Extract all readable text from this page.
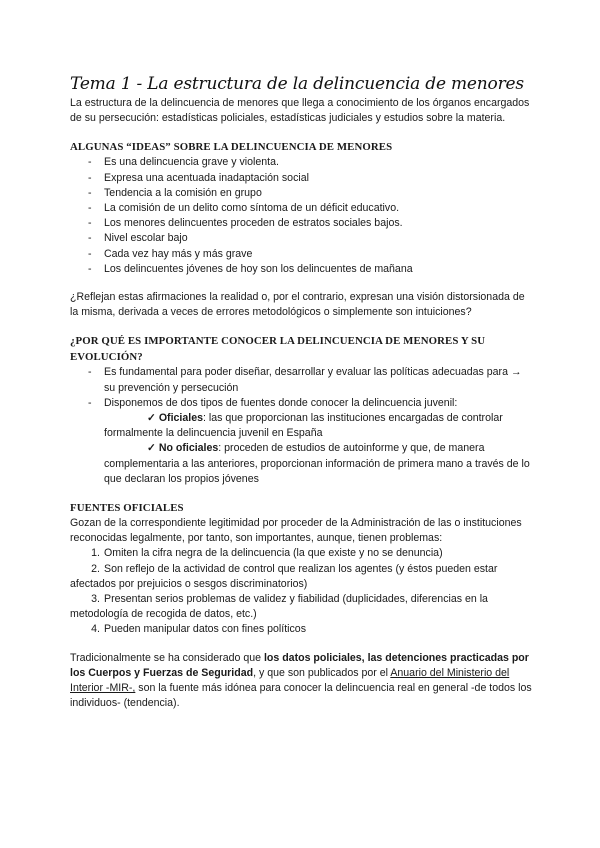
Tema 1 - La estructura de la delincuencia de menores

La estructura de la delincuencia de menores que llega a conocimiento de los órganos encargados de su persecución: estadísticas policiales, estadísticas judiciales y estudios sobre la materia.

ALGUNAS “IDEAS” SOBRE LA DELINCUENCIA DE MENORES
- Es una delincuencia grave y violenta.
- Expresa una acentuada inadaptación social
- Tendencia a la comisión en grupo
- La comisión de un delito como síntoma de un déficit educativo.
- Los menores delincuentes proceden de estratos sociales bajos.
- Nivel escolar bajo
- Cada vez hay más y más grave
- Los delincuentes jóvenes de hoy son los delincuentes de mañana

¿Reflejan estas afirmaciones la realidad o, por el contrario, expresan una visión distorsionada de la misma, derivada a veces de errores metodológicos o simplemente son intuiciones?

¿POR QUÉ ES IMPORTANTE CONOCER LA DELINCUENCIA DE MENORES Y SU EVOLUCIÓN?
- Es fundamental para poder diseñar, desarrollar y evaluar las políticas adecuadas para → su prevención y persecución
- Disponemos de dos tipos de fuentes donde conocer la delincuencia juvenil:
✓ Oficiales: las que proporcionan las instituciones encargadas de controlar formalmente la delincuencia juvenil en España
✓ No oficiales: proceden de estudios de autoinforme y que, de manera complementaria a las anteriores, proporcionan información de primera mano a través de lo que declaran los propios jóvenes
FUENTES OFICIALES

Gozan de la correspondiente legitimidad por proceder de la Administración de las o instituciones reconocidas legalmente, por tanto, son importantes, aunque, tienen problemas:

1. Omiten la cifra negra de la delincuencia (la que existe y no se denuncia)
2. Son reflejo de la actividad de control que realizan los agentes (y éstos pueden estar afectados por prejuicios o sesgos discriminatorios)
3. Presentan serios problemas de validez y fiabilidad (duplicidades, diferencias en la metodología de recogida de datos, etc.)
4. Pueden manipular datos con fines políticos

Tradicionalmente se ha considerado que los datos policiales, las detenciones practicadas por los Cuerpos y Fuerzas de Seguridad, y que son publicados por el Anuario del Ministerio del Interior -MIR-, son la fuente más idónea para conocer la delincuencia real en general -de todos los individuos- (tendencia).
